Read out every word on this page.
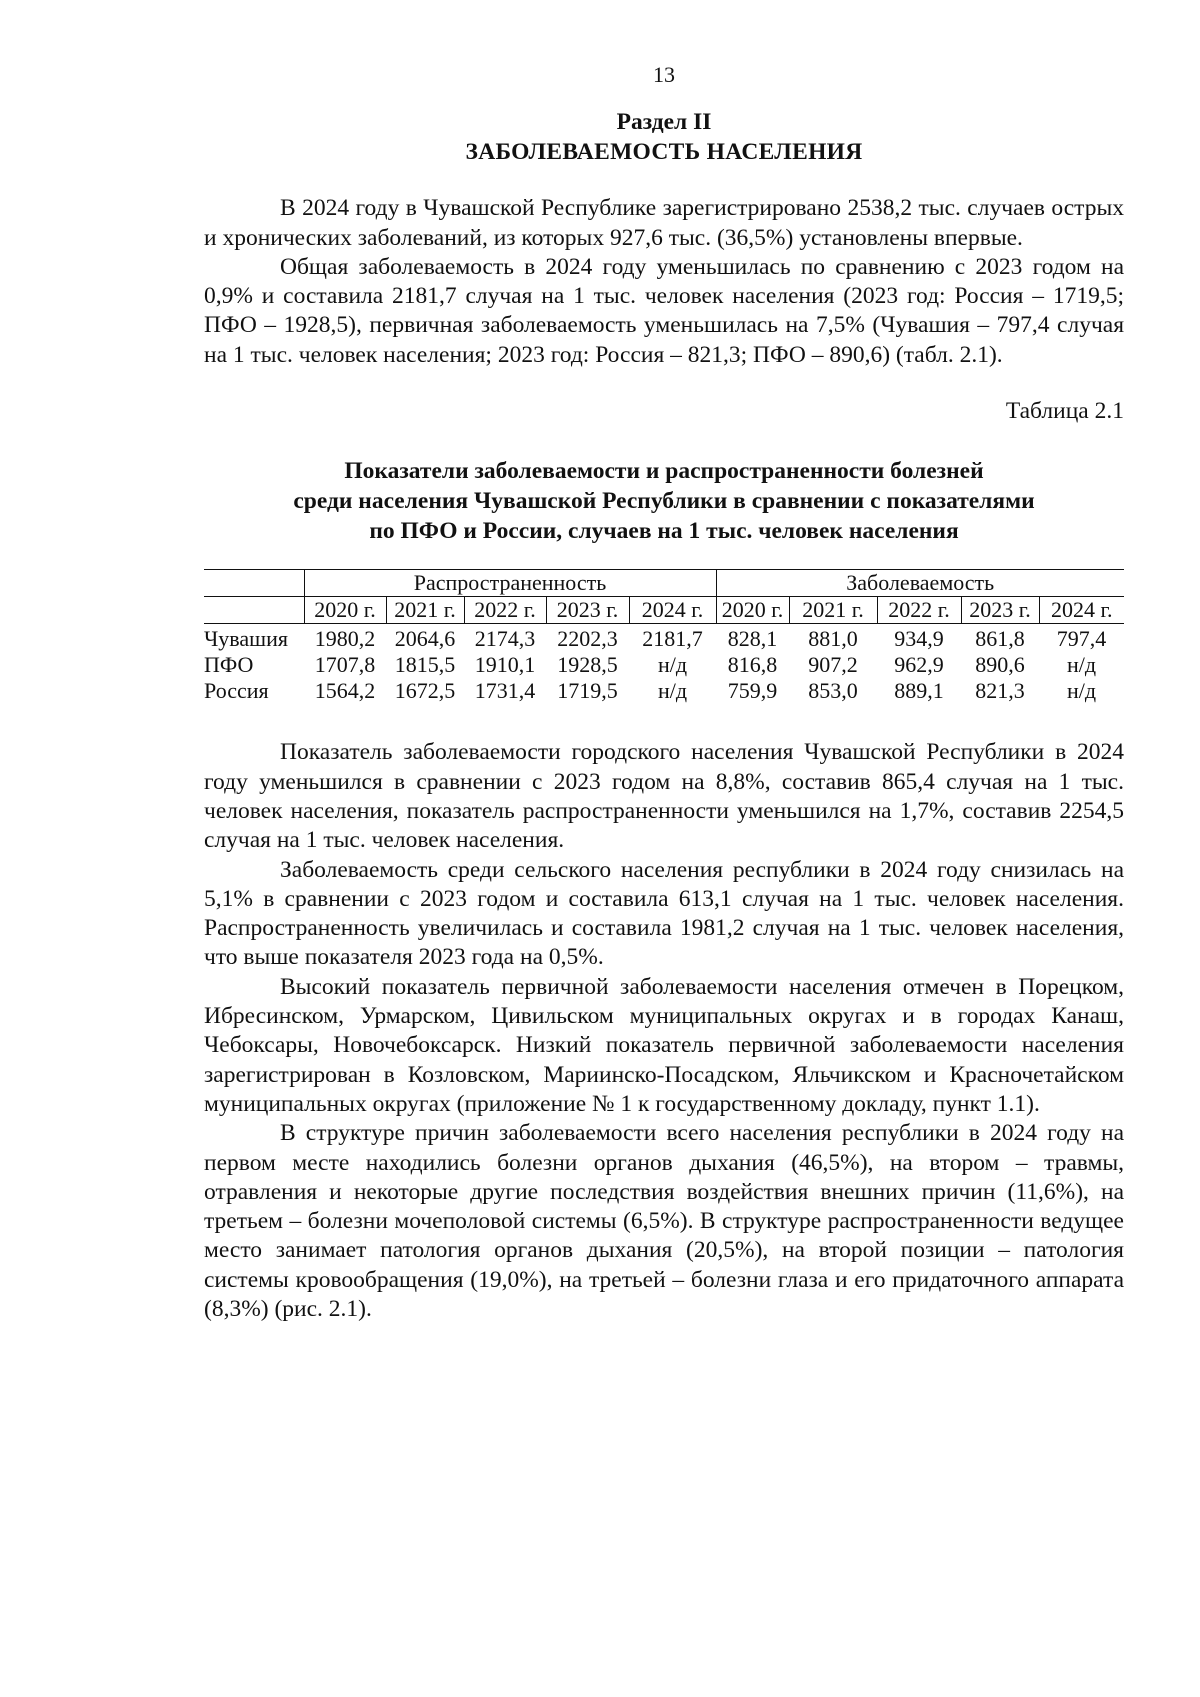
13
Раздел II
ЗАБОЛЕВАЕМОСТЬ НАСЕЛЕНИЯ

В 2024 году в Чувашской Республике зарегистрировано 2538,2 тыс. случаев острых и хронических заболеваний, из которых 927,6 тыс. (36,5%) установлены впервые.

Общая заболеваемость в 2024 году уменьшилась по сравнению с 2023 годом на 0,9% и составила 2181,7 случая на 1 тыс. человек населения (2023 год: Россия – 1719,5; ПФО – 1928,5), первичная заболеваемость уменьшилась на 7,5% (Чувашия – 797,4 случая на 1 тыс. человек населения; 2023 год: Россия – 821,3; ПФО – 890,6) (табл. 2.1).

Таблица 2.1
Показатели заболеваемости и распространенности болезней
среди населения Чувашской Республики в сравнении с показателями
по ПФО и России, случаев на 1 тыс. человек населения
	Распространенность					Заболеваемость				
	2020 г.	2021 г.	2022 г.	2023 г.	2024 г.	2020 г.	2021 г.	2022 г.	2023 г.	2024 г.
Чувашия	1980,2	2064,6	2174,3	2202,3	2181,7	828,1	881,0	934,9	861,8	797,4
ПФО	1707,8	1815,5	1910,1	1928,5	н/д	816,8	907,2	962,9	890,6	н/д
Россия	1564,2	1672,5	1731,4	1719,5	н/д	759,9	853,0	889,1	821,3	н/д

Показатель заболеваемости городского населения Чувашской Республики в 2024 году уменьшился в сравнении с 2023 годом на 8,8%, составив 865,4 случая на 1 тыс. человек населения, показатель распространенности уменьшился на 1,7%, составив 2254,5 случая на 1 тыс. человек населения.

Заболеваемость среди сельского населения республики в 2024 году снизилась на 5,1% в сравнении с 2023 годом и составила 613,1 случая на 1 тыс. человек населения. Распространенность увеличилась и составила 1981,2 случая на 1 тыс. человек населения, что выше показателя 2023 года на 0,5%.

Высокий показатель первичной заболеваемости населения отмечен в Порецком, Ибресинском, Урмарском, Цивильском муниципальных округах и в городах Канаш, Чебоксары, Новочебоксарск. Низкий показатель первичной заболеваемости населения зарегистрирован в Козловском, Мариинско-Посадском, Яльчикском и Красночетайском муниципальных округах (приложение № 1 к государственному докладу, пункт 1.1).

В структуре причин заболеваемости всего населения республики в 2024 году на первом месте находились болезни органов дыхания (46,5%), на втором – травмы, отравления и некоторые другие последствия воздействия внешних причин (11,6%), на третьем – болезни мочеполовой системы (6,5%). В структуре распространенности ведущее место занимает патология органов дыхания (20,5%), на второй позиции – патология системы кровообращения (19,0%), на третьей – болезни глаза и его придаточного аппарата (8,3%) (рис. 2.1).
